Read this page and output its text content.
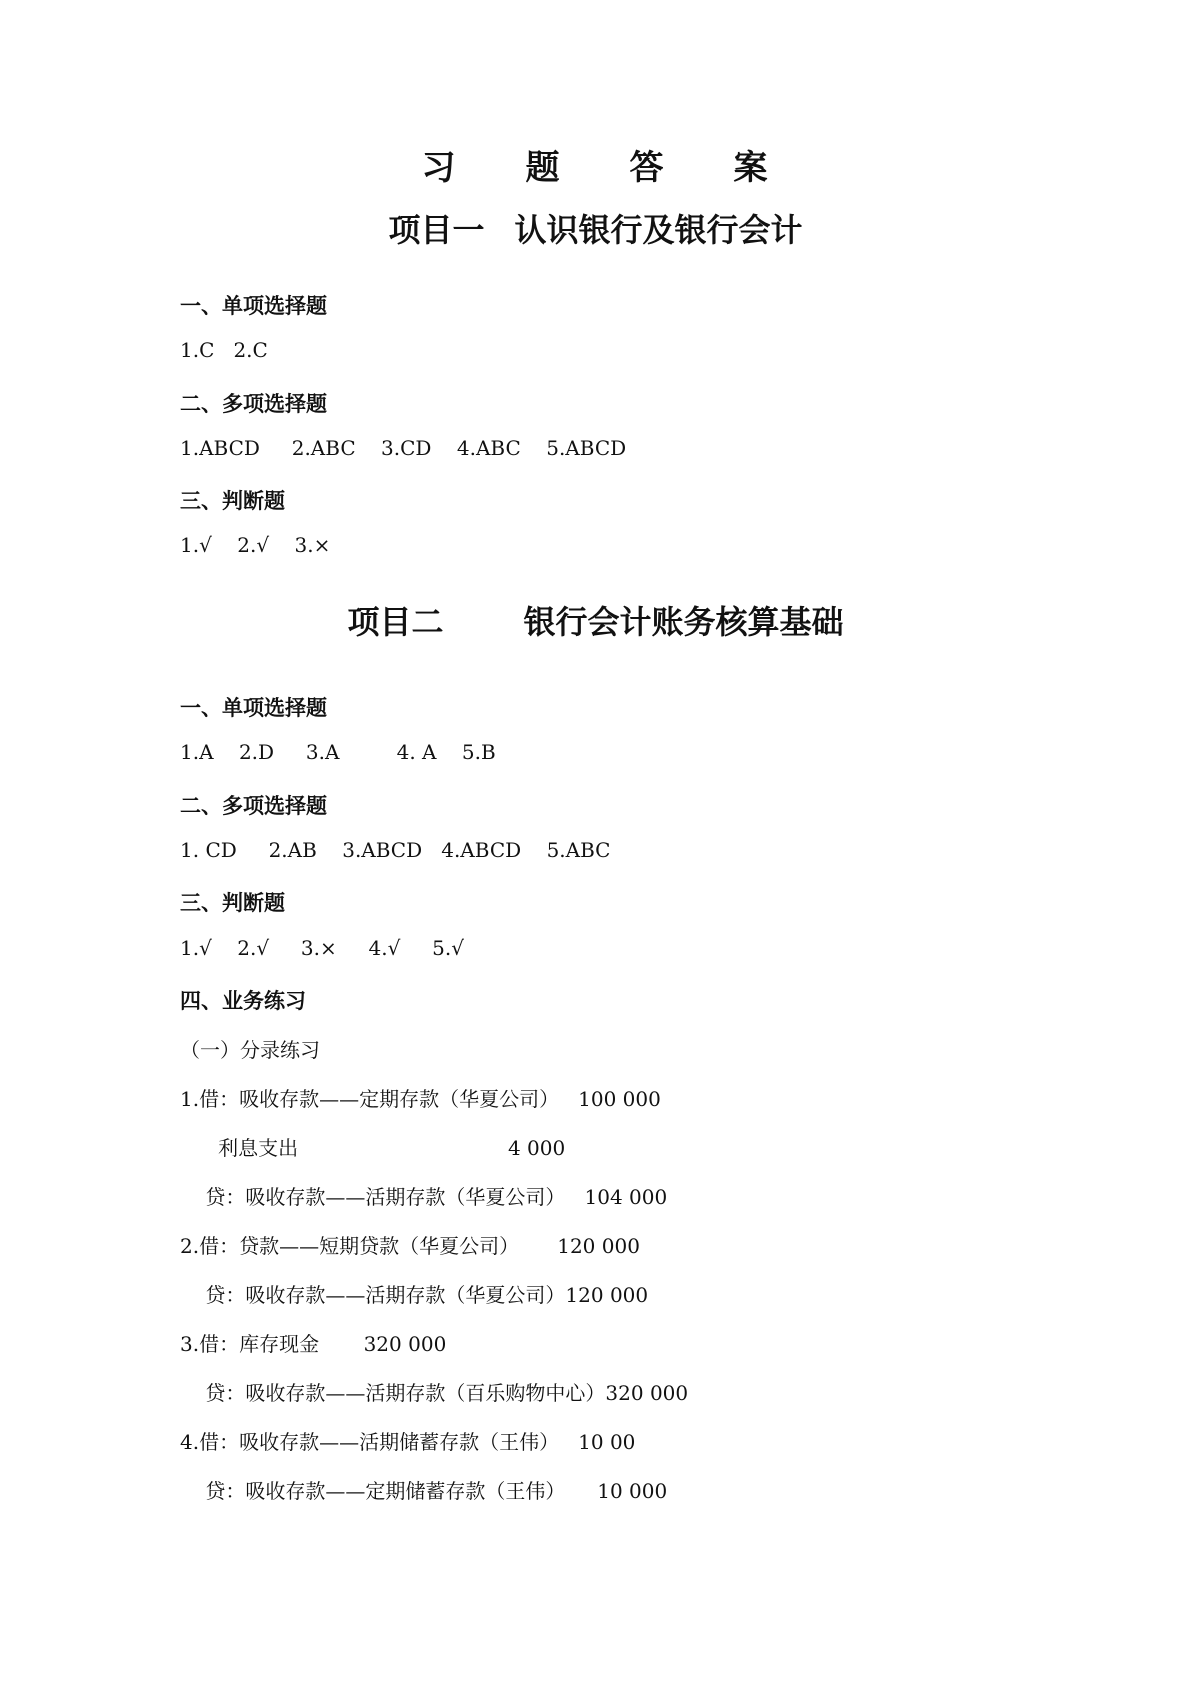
习 题 答 案
项目一 认识银行及银行会计
一、单项选择题
1.C   2.C
二、多项选择题
1.ABCD     2.ABC    3.CD    4.ABC    5.ABCD
三、判断题
1.√    2.√    3.×
项目二	银行会计账务核算基础
一、单项选择题
1.A    2.D     3.A         4. A    5.B
二、多项选择题
1. CD     2.AB    3.ABCD   4.ABCD    5.ABC
三、判断题
1.√    2.√     3.×     4.√     5.√
四、业务练习
（一）分录练习
1.借：吸收存款——定期存款（华夏公司）   100 000
利息支出                                 4 000
贷：吸收存款——活期存款（华夏公司）   104 000
2.借：贷款——短期贷款（华夏公司）      120 000
贷：吸收存款——活期存款（华夏公司）120 000
3.借：库存现金       320 000
贷：吸收存款——活期存款（百乐购物中心）320 000
4.借：吸收存款——活期储蓄存款（王伟）   10 00
贷：吸收存款——定期储蓄存款（王伟）     10 000
